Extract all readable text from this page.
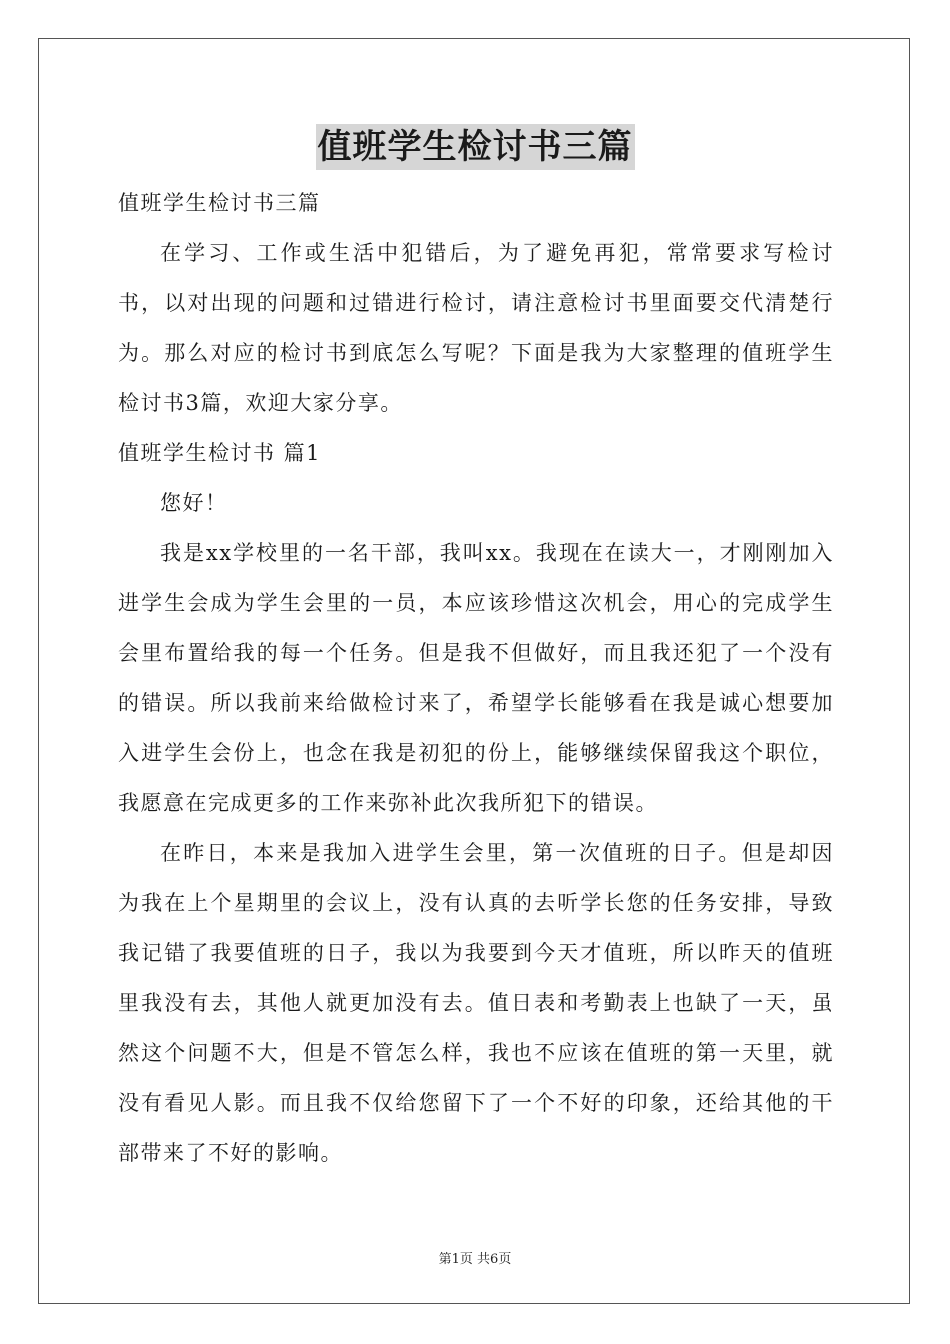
值班学生检讨书三篇

值班学生检讨书三篇

在学习、工作或生活中犯错后，为了避免再犯，常常要求写检讨书，以对出现的问题和过错进行检讨，请注意检讨书里面要交代清楚行为。那么对应的检讨书到底怎么写呢？下面是我为大家整理的值班学生检讨书3篇，欢迎大家分享。

值班学生检讨书 篇1

您好！

我是xx学校里的一名干部，我叫xx。我现在在读大一，才刚刚加入进学生会成为学生会里的一员，本应该珍惜这次机会，用心的完成学生会里布置给我的每一个任务。但是我不但做好，而且我还犯了一个没有的错误。所以我前来给做检讨来了，希望学长能够看在我是诚心想要加入进学生会份上，也念在我是初犯的份上，能够继续保留我这个职位，我愿意在完成更多的工作来弥补此次我所犯下的错误。

在昨日，本来是我加入进学生会里，第一次值班的日子。但是却因为我在上个星期里的会议上，没有认真的去听学长您的任务安排，导致我记错了我要值班的日子，我以为我要到今天才值班，所以昨天的值班里我没有去，其他人就更加没有去。值日表和考勤表上也缺了一天，虽然这个问题不大，但是不管怎么样，我也不应该在值班的第一天里，就没有看见人影。而且我不仅给您留下了一个不好的印象，还给其他的干部带来了不好的影响。

第1页 共6页
